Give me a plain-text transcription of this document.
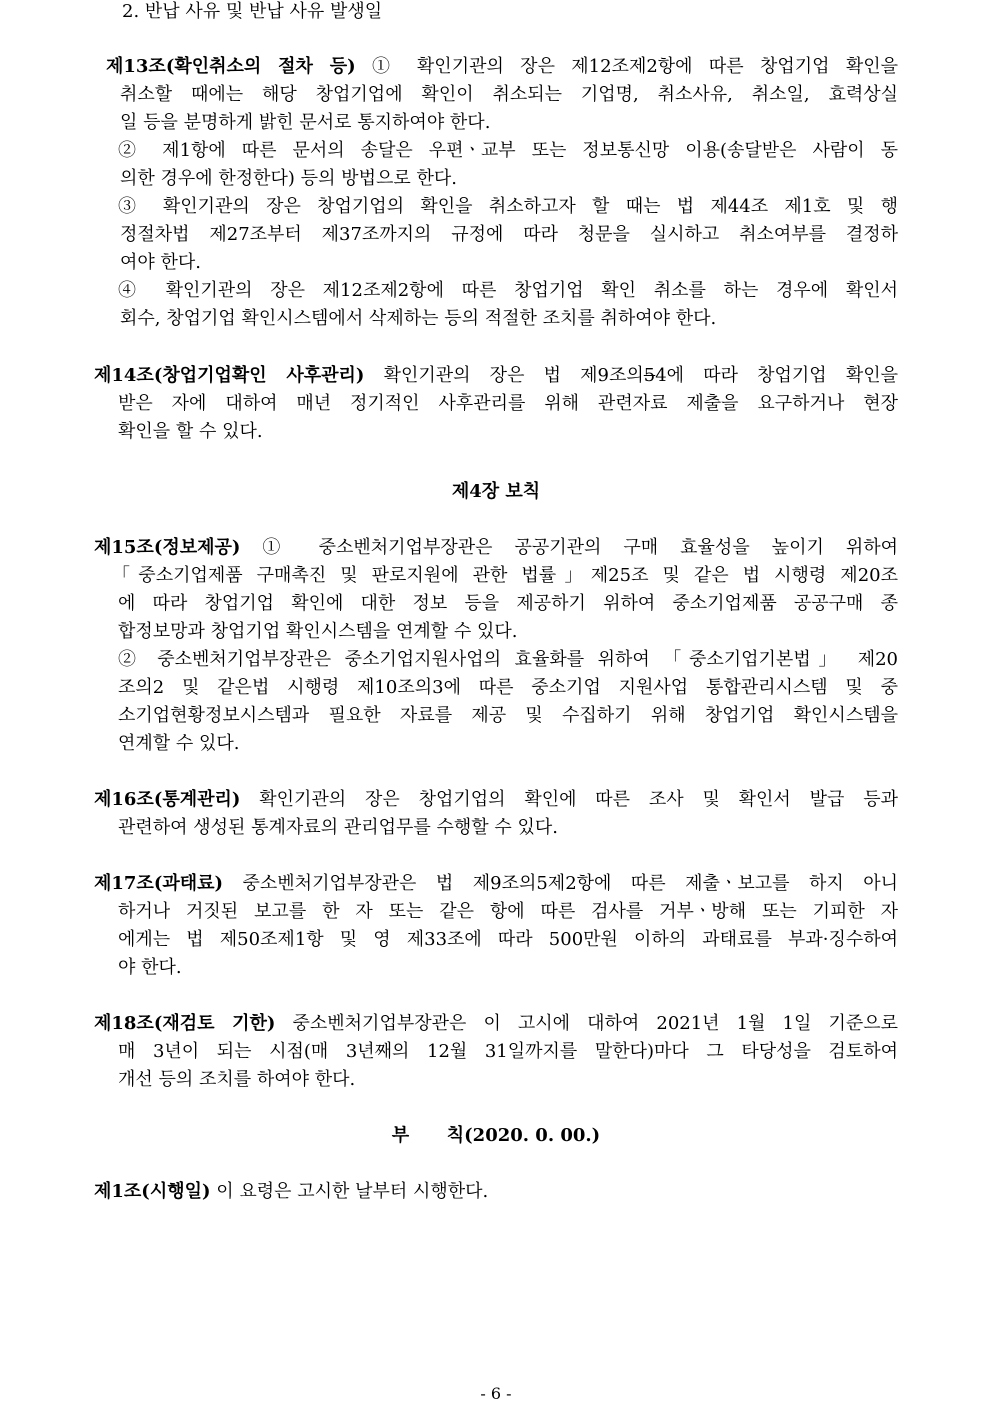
2. 반납 사유 및 반납 사유 발생일
제13조(확인취소의 절차 등) ① 확인기관의 장은 제12조제2항에 따른 창업기업 확인을
취소할 때에는 해당 창업기업에 확인이 취소되는 기업명, 취소사유, 취소일, 효력상실
일 등을 분명하게 밝힌 문서로 통지하여야 한다.
② 제1항에 따른 문서의 송달은 우편ㆍ교부 또는 정보통신망 이용(송달받은 사람이 동
의한 경우에 한정한다) 등의 방법으로 한다.
③ 확인기관의 장은 창업기업의 확인을 취소하고자 할 때는 법 제44조 제1호 및 행
정절차법 제27조부터 제37조까지의 규정에 따라 청문을 실시하고 취소여부를 결정하
여야 한다.
④ 확인기관의 장은 제12조제2항에 따른 창업기업 확인 취소를 하는 경우에 확인서
회수, 창업기업 확인시스템에서 삭제하는 등의 적절한 조치를 취하여야 한다.
제14조(창업기업확인 사후관리) 확인기관의 장은 법 제9조의54에 따라 창업기업 확인을
받은 자에 대하여 매년 정기적인 사후관리를 위해 관련자료 제출을 요구하거나 현장
확인을 할 수 있다.
제4장 보칙
제15조(정보제공) ① 중소벤처기업부장관은 공공기관의 구매 효율성을 높이기 위하여
「중소기업제품 구매촉진 및 판로지원에 관한 법률」제25조 및 같은 법 시행령 제20조
에 따라 창업기업 확인에 대한 정보 등을 제공하기 위하여 중소기업제품 공공구매 종
합정보망과 창업기업 확인시스템을 연계할 수 있다.
② 중소벤처기업부장관은 중소기업지원사업의 효율화를 위하여 「중소기업기본법」 제20
조의2 및 같은법 시행령 제10조의3에 따른 중소기업 지원사업 통합관리시스템 및 중
소기업현황정보시스템과 필요한 자료를 제공 및 수집하기 위해 창업기업 확인시스템을
연계할 수 있다.
제16조(통계관리) 확인기관의 장은 창업기업의 확인에 따른 조사 및 확인서 발급 등과
관련하여 생성된 통계자료의 관리업무를 수행할 수 있다.
제17조(과태료) 중소벤처기업부장관은 법 제9조의5제2항에 따른 제출ㆍ보고를 하지 아니
하거나 거짓된 보고를 한 자 또는 같은 항에 따른 검사를 거부ㆍ방해 또는 기피한 자
에게는 법 제50조제1항 및 영 제33조에 따라 500만원 이하의 과태료를 부과·징수하여
야 한다.
제18조(재검토 기한) 중소벤처기업부장관은 이 고시에 대하여 2021년 1월 1일 기준으로
매 3년이 되는 시점(매 3년째의 12월 31일까지를 말한다)마다 그 타당성을 검토하여
개선 등의 조치를 하여야 한다.
부      칙(2020. 0. 00.)
제1조(시행일) 이 요령은 고시한 날부터 시행한다.
- 6 -
